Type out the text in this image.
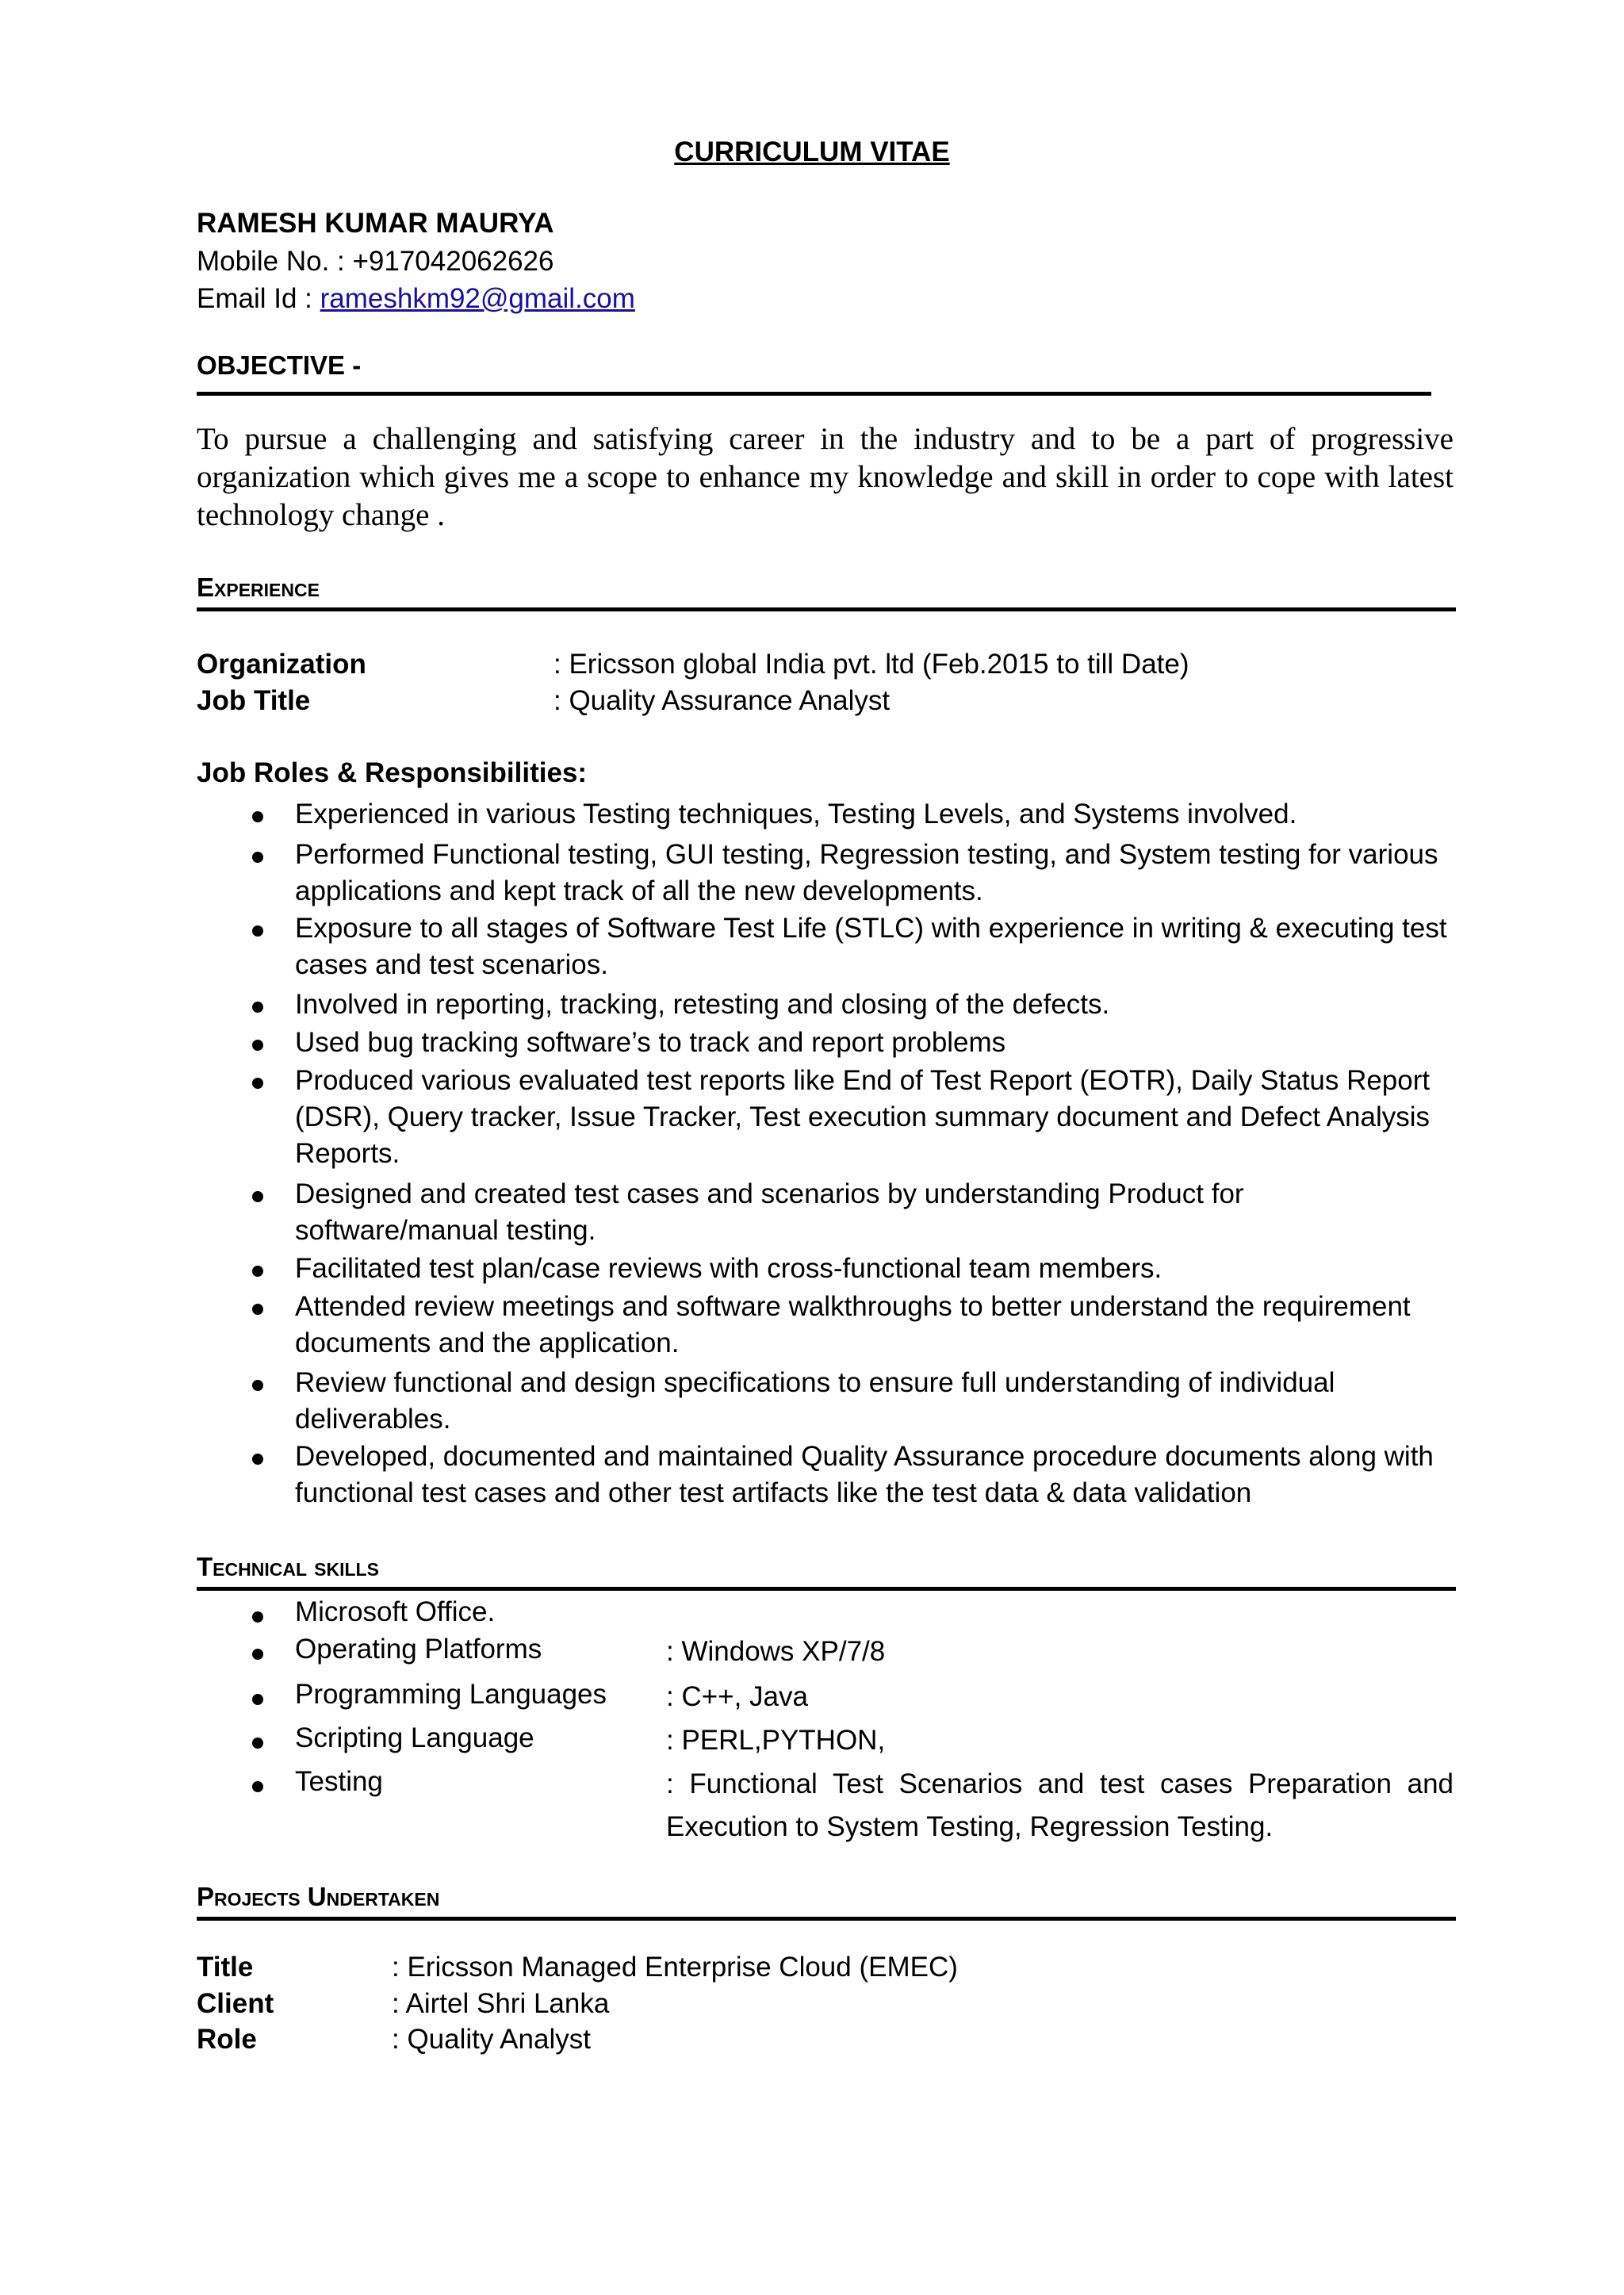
CURRICULUM VITAE
RAMESH KUMAR MAURYA
Mobile No. : +917042062626
Email Id : rameshkm92@gmail.com
OBJECTIVE -
To pursue a challenging and satisfying career in the industry and to be a part of progressive organization which gives me a scope to enhance my knowledge and skill in order to cope with latest technology change .
Experience
Organization	: Ericsson global India pvt. ltd (Feb.2015 to till Date)
Job Title	: Quality Assurance Analyst
Job Roles & Responsibilities:
Experienced in various Testing techniques, Testing Levels, and Systems involved.
Performed Functional testing, GUI testing, Regression testing, and System testing for various applications and kept track of all the new developments.
Exposure to all stages of Software Test Life (STLC) with experience in writing & executing test cases and test scenarios.
Involved in reporting, tracking, retesting and closing of the defects.
Used bug tracking software’s to track and report problems
Produced various evaluated test reports like End of Test Report (EOTR), Daily Status Report (DSR), Query tracker, Issue Tracker, Test execution summary document and Defect Analysis Reports.
Designed and created test cases and scenarios by understanding Product for software/manual testing.
Facilitated test plan/case reviews with cross-functional team members.
Attended review meetings and software walkthroughs to better understand the requirement documents and the application.
Review functional and design specifications to ensure full understanding of individual deliverables.
Developed, documented and maintained Quality Assurance procedure documents along with functional test cases and other test artifacts like the test data & data validation
Technical skills
Microsoft Office.
Operating Platforms	: Windows XP/7/8
Programming Languages : C++, Java
Scripting Language	: PERL,PYTHON,
Testing	: Functional Test Scenarios and test cases Preparation and Execution to System Testing, Regression Testing.
Projects Undertaken
Title	: Ericsson Managed Enterprise Cloud (EMEC)
Client	: Airtel Shri Lanka
Role	: Quality Analyst
